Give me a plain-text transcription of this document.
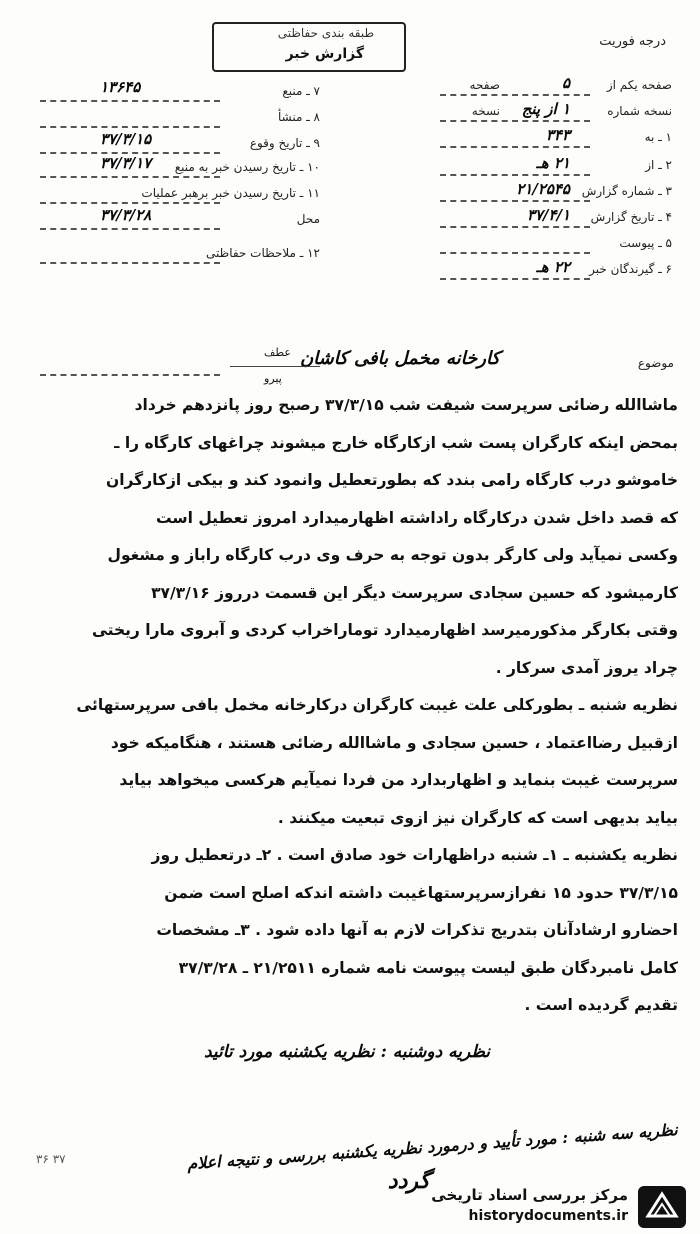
درجه فوریت
طبقه بندی حفاظتی
گزارش خبر
صفحه یکم از
۵
صفحه
نسخه شماره
۱ از پنج
نسخه
۱ ـ به
۳۴۳
۲ ـ از
۲۱ هـ
۳ ـ شماره گزارش
۲۱/۲۵۴۵
۴ ـ تاریخ گزارش
۳۷/۴/۱
۵ ـ پیوست
۶ ـ گیرندگان خبر
۲۲ هـ
۷ ـ منبع
۱۳۶۴۵
۸ ـ منشأ
۹ ـ تاریخ وقوع
۳۷/۳/۱۵
۱۰ ـ تاریخ رسیدن خبر به منبع
۳۷/۳/۱۷
۱۱ ـ تاریخ رسیدن خبر برهبر عملیات
محل
۳۷/۳/۲۸
۱۲ ـ ملاحظات حفاظتی
موضوع
کارخانه مخمل بافی کاشان
عطف
پیرو
ماشاالله رضائی سرپرست شیفت شب ۳۷/۳/۱۵ رصبح روز پانزدهم خرداد
بمحض اینکه کارگران پست شب ازکارگاه خارج میشوند چراغهای کارگاه را ـ
خاموشو درب کارگاه رامی بندد که بطورتعطیل وانمود کند و بیکی ازکارگران
که قصد داخل شدن درکارگاه راداشته اظهارمیدارد امروز تعطیل است
وکسی نمیآید ولی کارگر بدون توجه به حرف وی درب کارگاه راباز و مشغول
کارمیشود که حسین سجادی سرپرست دیگر این قسمت درروز ۳۷/۳/۱۶
وقتی بکارگر مذکورمیرسد اظهارمیدارد توماراخراب کردی و آبروی مارا ریختی
چراد یروز آمدی سرکار .
نظریه شنبه ـ بطورکلی علت غیبت کارگران درکارخانه مخمل بافی سرپرستهائی
ازقبیل رضااعتماد ، حسین سجادی و ماشاالله رضائی هستند ، هنگامیکه خود
سرپرست غیبت بنماید و اظهاربدارد من فردا نمیآیم هرکسی میخواهد بیاید
بیاید بدیهی است که کارگران نیز ازوی تبعیت میکنند .
نظریه یکشنبه ـ ۱ـ شنبه دراظهارات خود صادق است . ۲ـ درتعطیل روز
۳۷/۳/۱۵ حدود ۱۵ نفرازسرپرستهاغیبت داشته اندکه اصلح است ضمن
احضارو ارشادآنان بتدریج تذکرات لازم به آنها داده شود . ۳ـ مشخصات
کامل نامبردگان طبق لیست پیوست نامه شماره ۲۱/۲۵۱۱ ـ ۳۷/۳/۲۸
تقدیم گردیده است .
نظریه دوشنبه : نظریه یکشنبه مورد تائید
نظریه سه شنبه : مورد تأیید و درمورد نظریه یکشنبه بررسی و نتیجه اعلام
گردد
۳۶ ۳۷
مرکز بررسی اسناد تاریخی
historydocuments.ir
